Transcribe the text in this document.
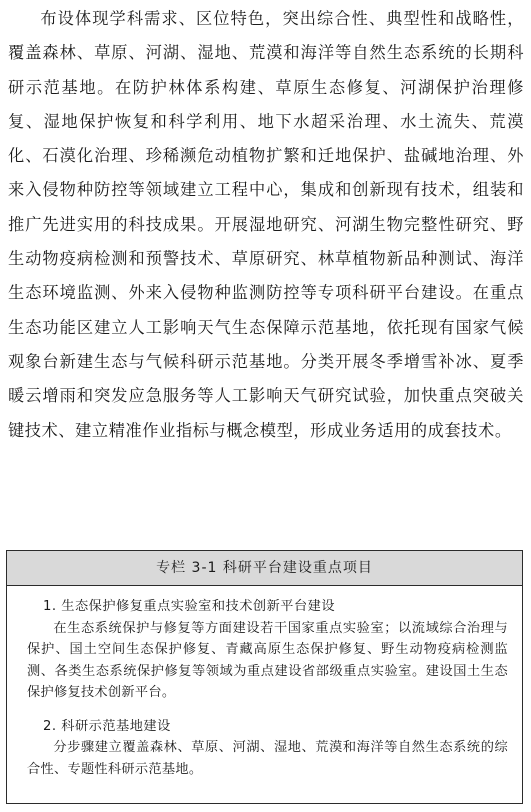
布设体现学科需求、区位特色，突出综合性、典型性和战略性，覆盖森林、草原、河湖、湿地、荒漠和海洋等自然生态系统的长期科研示范基地。在防护林体系构建、草原生态修复、河湖保护治理修复、湿地保护恢复和科学利用、地下水超采治理、水土流失、荒漠化、石漠化治理、珍稀濒危动植物扩繁和迁地保护、盐碱地治理、外来入侵物种防控等领域建立工程中心，集成和创新现有技术，组装和推广先进实用的科技成果。开展湿地研究、河湖生物完整性研究、野生动物疫病检测和预警技术、草原研究、林草植物新品种测试、海洋生态环境监测、外来入侵物种监测防控等专项科研平台建设。在重点生态功能区建立人工影响天气生态保障示范基地，依托现有国家气候观象台新建生态与气候科研示范基地。分类开展冬季增雪补冰、夏季暖云增雨和突发应急服务等人工影响天气研究试验，加快重点突破关键技术、建立精准作业指标与概念模型，形成业务适用的成套技术。

专栏 3-1 科研平台建设重点项目

1. 生态保护修复重点实验室和技术创新平台建设

在生态系统保护与修复等方面建设若干国家重点实验室；以流域综合治理与保护、国土空间生态保护修复、青藏高原生态保护修复、野生动物疫病检测监测、各类生态系统保护修复等领域为重点建设省部级重点实验室。建设国土生态保护修复技术创新平台。

2. 科研示范基地建设

分步骤建立覆盖森林、草原、河湖、湿地、荒漠和海洋等自然生态系统的综合性、专题性科研示范基地。
